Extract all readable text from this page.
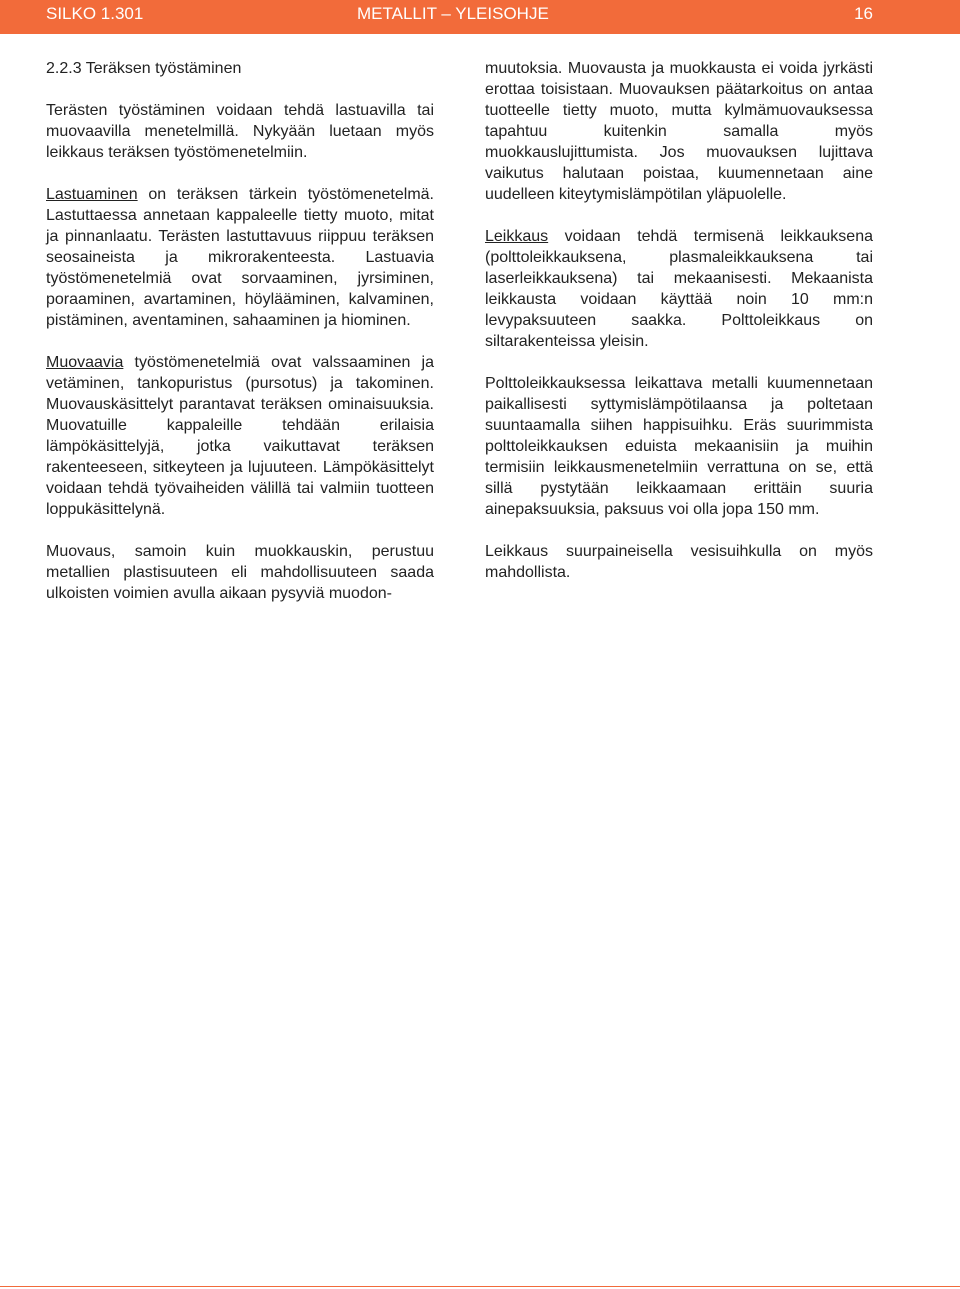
SILKO 1.301	METALLIT – YLEISOHJE	16

2.2.3 Teräksen työstäminen

Terästen työstäminen voidaan tehdä lastuavilla tai muovaavilla menetelmillä. Nykyään luetaan myös leikkaus teräksen työstömenetelmiin.

Lastuaminen on teräksen tärkein työstömenetelmä. Lastuttaessa annetaan kappaleelle tietty muoto, mitat ja pinnanlaatu. Terästen lastuttavuus riippuu teräksen seosaineista ja mikrorakenteesta. Lastuavia työstömenetelmiä ovat sorvaaminen, jyrsiminen, poraaminen, avartaminen, höylääminen, kalvaminen, pistäminen, aventaminen, sahaaminen ja hiominen.

Muovaavia työstömenetelmiä ovat valssaaminen ja vetäminen, tankopuristus (pursotus) ja takominen. Muovauskäsittelyt parantavat teräksen ominaisuuksia. Muovatuille kappaleille tehdään erilaisia lämpökäsittelyjä, jotka vaikuttavat teräksen rakenteeseen, sitkeyteen ja lujuuteen. Lämpökäsittelyt voidaan tehdä työvaiheiden välillä tai valmiin tuotteen loppukäsittelynä.

Muovaus, samoin kuin muokkauskin, perustuu metallien plastisuuteen eli mahdollisuuteen saada ulkoisten voimien avulla aikaan pysyviä muodon-

muutoksia. Muovausta ja muokkausta ei voida jyrkästi erottaa toisistaan. Muovauksen päätarkoitus on antaa tuotteelle tietty muoto, mutta kylmämuovauksessa tapahtuu kuitenkin samalla myös muokkauslujittumista. Jos muovauksen lujittava vaikutus halutaan poistaa, kuumennetaan aine uudelleen kiteytymislämpötilan yläpuolelle.

Leikkaus voidaan tehdä termisenä leikkauksena (polttoleikkauksena, plasmaleikkauksena tai laserleikkauksena) tai mekaanisesti. Mekaanista leikkausta voidaan käyttää noin 10 mm:n levypaksuuteen saakka. Polttoleikkaus on siltarakenteissa yleisin.

Polttoleikkauksessa leikattava metalli kuumennetaan paikallisesti syttymislämpötilaansa ja poltetaan suuntaamalla siihen happisuihku. Eräs suurimmista polttoleikkauksen eduista mekaanisiin ja muihin termisiin leikkausmenetelmiin verrattuna on se, että sillä pystytään leikkaamaan erittäin suuria ainepaksuuksia, paksuus voi olla jopa 150 mm.

Leikkaus suurpaineisella vesisuihkulla on myös mahdollista.
